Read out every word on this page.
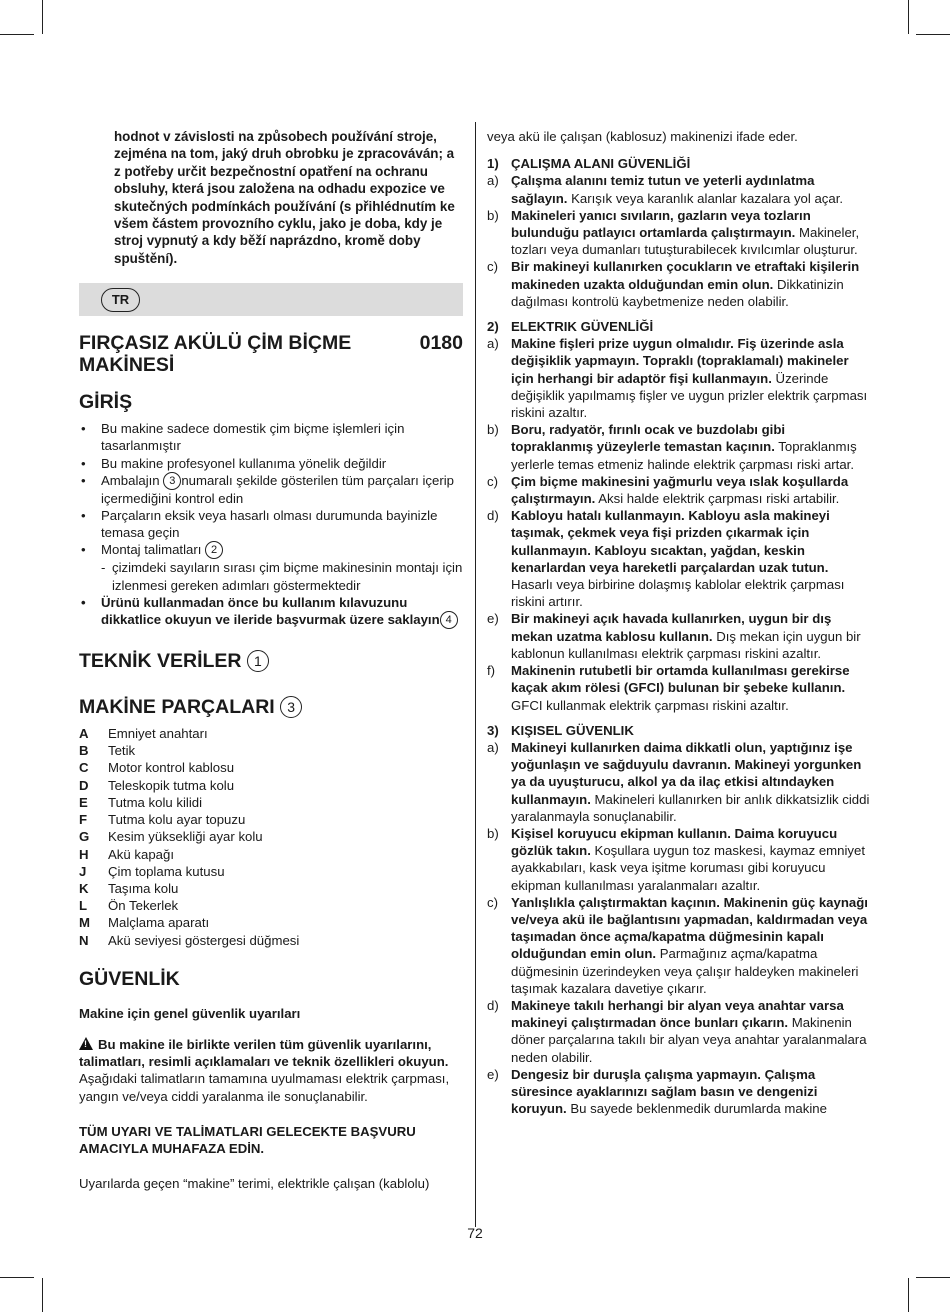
hodnot v závislosti na způsobech používání stroje, zejména na tom, jaký druh obrobku je zpracováván; a z potřeby určit bezpečnostní opatření na ochranu obsluhy, která jsou založena na odhadu expozice ve skutečných podmínkách používání (s přihlédnutím ke všem částem provozního cyklu, jako je doba, kdy je stroj vypnutý a kdy běží naprázdno, kromě doby spuštění).
TR
FIRÇASIZ AKÜLÜ ÇİM BİÇME MAKİNESİ
0180
GİRİŞ
• Bu makine sadece domestik çim biçme işlemleri için tasarlanmıştır
• Bu makine profesyonel kullanıma yönelik değildir
• Ambalajın 3 numaralı şekilde gösterilen tüm parçaları içerip içermediğini kontrol edin
• Parçaların eksik veya hasarlı olması durumunda bayinizle temasa geçin
• Montaj talimatları 2
- çizimdeki sayıların sırası çim biçme makinesinin montajı için izlenmesi gereken adımları göstermektedir
• Ürünü kullanmadan önce bu kullanım kılavuzunu dikkatlice okuyun ve ileride başvurmak üzere saklayın 4
TEKNİK VERİLER 1
MAKİNE PARÇALARI 3
A	Emniyet anahtarı
B	Tetik
C	Motor kontrol kablosu
D	Teleskopik tutma kolu
E	Tutma kolu kilidi
F	Tutma kolu ayar topuzu
G	Kesim yüksekliği ayar kolu
H	Akü kapağı
J	Çim toplama kutusu
K	Taşıma kolu
L	Ön Tekerlek
M	Malçlama aparatı
N	Akü seviyesi göstergesi düğmesi
GÜVENLİK
Makine için genel güvenlik uyarıları
! Bu makine ile birlikte verilen tüm güvenlik uyarılarını, talimatları, resimli açıklamaları ve teknik özellikleri okuyun. Aşağıdaki talimatların tamamına uyulmaması elektrik çarpması, yangın ve/veya ciddi yaralanma ile sonuçlanabilir.
TÜM UYARI VE TALİMATLARI GELECEKTE BAŞVURU AMACIYLA MUHAFAZA EDİN.
Uyarılarda geçen “makine” terimi, elektrikle çalışan (kablolu)
veya akü ile çalışan (kablosuz) makinenizi ifade eder.
1) ÇALIŞMA ALANI GÜVENLİĞİ
a) Çalışma alanını temiz tutun ve yeterli aydınlatma sağlayın. Karışık veya karanlık alanlar kazalara yol açar.
b) Makineleri yanıcı sıvıların, gazların veya tozların bulunduğu patlayıcı ortamlarda çalıştırmayın. Makineler, tozları veya dumanları tutuşturabilecek kıvılcımlar oluşturur.
c) Bir makineyi kullanırken çocukların ve etraftaki kişilerin makineden uzakta olduğundan emin olun. Dikkatinizin dağılması kontrolü kaybetmenize neden olabilir.
2) ELEKTRIK GÜVENLİĞİ
a) Makine fişleri prize uygun olmalıdır. Fiş üzerinde asla değişiklik yapmayın. Topraklı (topraklamalı) makineler için herhangi bir adaptör fişi kullanmayın. Üzerinde değişiklik yapılmamış fişler ve uygun prizler elektrik çarpması riskini azaltır.
b) Boru, radyatör, fırınlı ocak ve buzdolabı gibi topraklanmış yüzeylerle temastan kaçının. Topraklanmış yerlerle temas etmeniz halinde elektrik çarpması riski artar.
c) Çim biçme makinesini yağmurlu veya ıslak koşullarda çalıştırmayın. Aksi halde elektrik çarpması riski artabilir.
d) Kabloyu hatalı kullanmayın. Kabloyu asla makineyi taşımak, çekmek veya fişi prizden çıkarmak için kullanmayın. Kabloyu sıcaktan, yağdan, keskin kenarlardan veya hareketli parçalardan uzak tutun. Hasarlı veya birbirine dolaşmış kablolar elektrik çarpması riskini artırır.
e) Bir makineyi açık havada kullanırken, uygun bir dış mekan uzatma kablosu kullanın. Dış mekan için uygun bir kablonun kullanılması elektrik çarpması riskini azaltır.
f)	Makinenin rutubetli bir ortamda kullanılması gerekirse kaçak akım rölesi (GFCI) bulunan bir şebeke kullanın. GFCI kullanmak elektrik çarpması riskini azaltır.
3) KIŞISEL GÜVENLIK
a) Makineyi kullanırken daima dikkatli olun, yaptığınız işe yoğunlaşın ve sağduyulu davranın. Makineyi yorgunken ya da uyuşturucu, alkol ya da ilaç etkisi altındayken kullanmayın. Makineleri kullanırken bir anlık dikkatsizlik ciddi yaralanmayla sonuçlanabilir.
b) Kişisel koruyucu ekipman kullanın. Daima koruyucu gözlük takın. Koşullara uygun toz maskesi, kaymaz emniyet ayakkabıları, kask veya işitme koruması gibi koruyucu ekipman kullanılması yaralanmaları azaltır.
c) Yanlışlıkla çalıştırmaktan kaçının. Makinenin güç kaynağı ve/veya akü ile bağlantısını yapmadan, kaldırmadan veya taşımadan önce açma/kapatma düğmesinin kapalı olduğundan emin olun. Parmağınız açma/kapatma düğmesinin üzerindeyken veya çalışır haldeyken makineleri taşımak kazalara davetiye çıkarır.
d) Makineye takılı herhangi bir alyan veya anahtar varsa makineyi çalıştırmadan önce bunları çıkarın. Makinenin döner parçalarına takılı bir alyan veya anahtar yaralanmalara neden olabilir.
e) Dengesiz bir duruşla çalışma yapmayın. Çalışma süresince ayaklarınızı sağlam basın ve dengenizi koruyun. Bu sayede beklenmedik durumlarda makine
72
